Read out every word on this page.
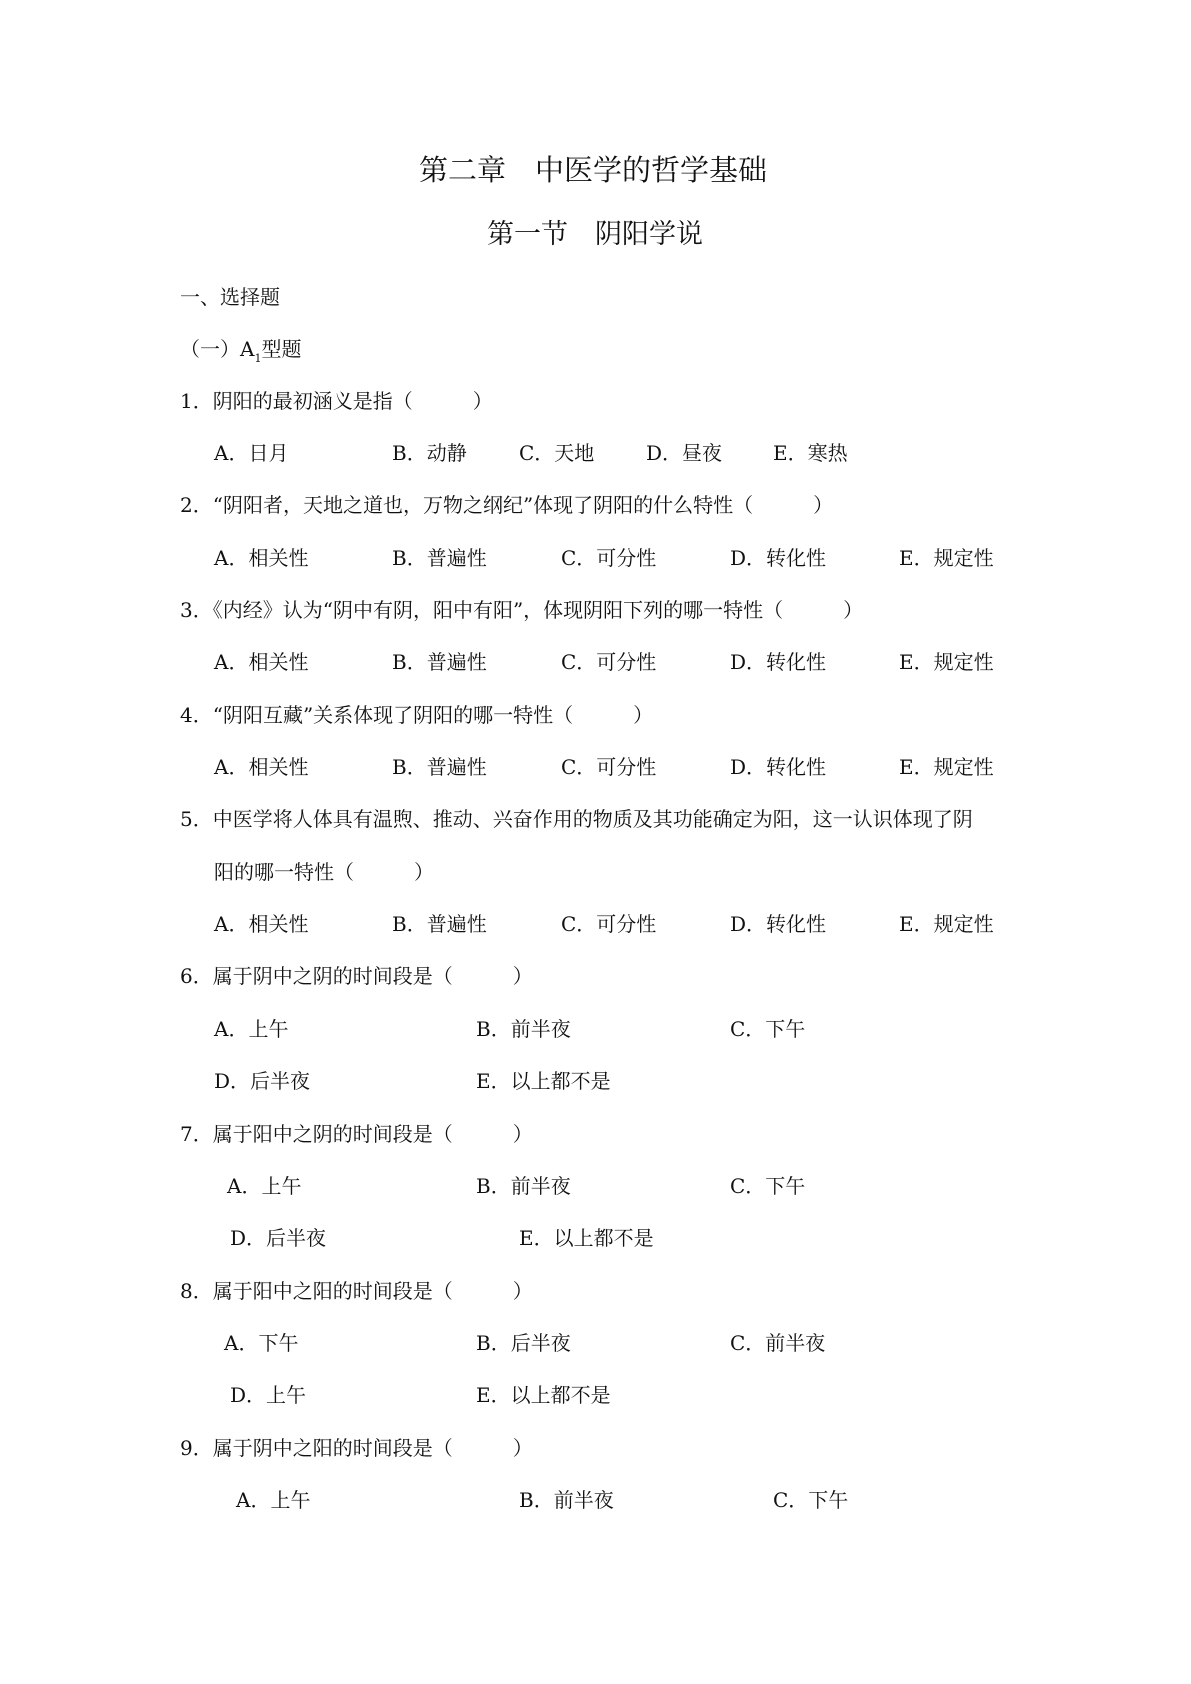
第二章　中医学的哲学基础
第一节　阴阳学说
一、选择题
（一）$A_1$型题
1．阴阳的最初涵义是指（　　　）
A．日月	B．动静	C．天地	D．昼夜	E．寒热
2．“阴阳者，天地之道也，万物之纲纪”体现了阴阳的什么特性（　　　）
A．相关性	B．普遍性	C．可分性	D．转化性	E．规定性
3．《内经》认为“阴中有阴，阳中有阳”，体现阴阳下列的哪一特性（　　　）
A．相关性	B．普遍性	C．可分性	D．转化性	E．规定性
4．“阴阳互藏”关系体现了阴阳的哪一特性（　　　）
A．相关性	B．普遍性	C．可分性	D．转化性	E．规定性
5．中医学将人体具有温煦、推动、兴奋作用的物质及其功能确定为阳，这一认识体现了阴
阳的哪一特性（　　　）
A．相关性	B．普遍性	C．可分性	D．转化性	E．规定性
6．属于阴中之阴的时间段是（　　　）
A．上午	B．前半夜	C．下午
D．后半夜	E．以上都不是
7．属于阳中之阴的时间段是（　　　）
A．上午	B．前半夜	C．下午
D．后半夜	E．以上都不是
8．属于阳中之阳的时间段是（　　　）
A．下午	B．后半夜	C．前半夜
D．上午	E．以上都不是
9．属于阴中之阳的时间段是（　　　）
A．上午	B．前半夜	C．下午
